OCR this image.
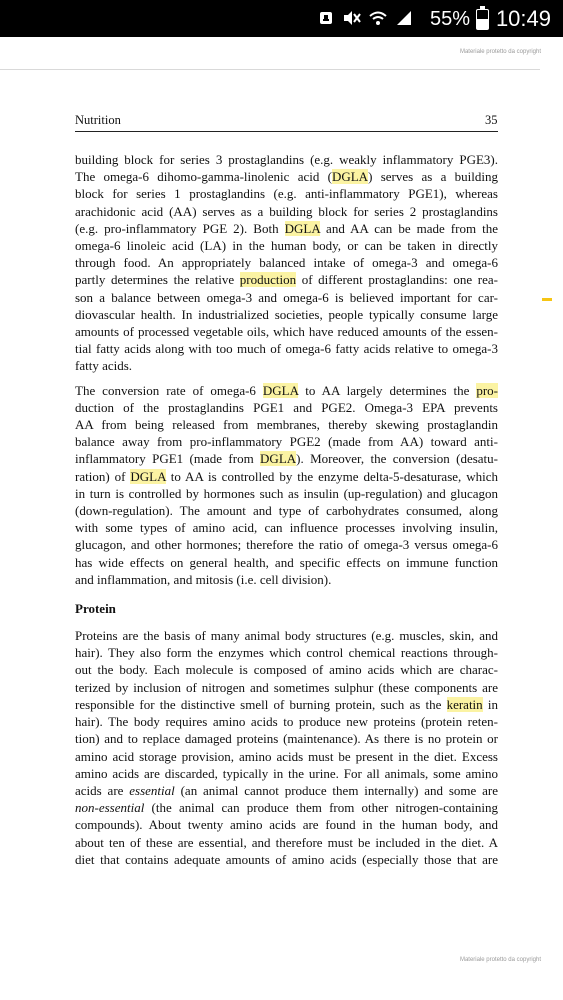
55% 10:49
Materiale protetto da copyright
Nutrition	35
building block for series 3 prostaglandins (e.g. weakly inflammatory PGE3).
The omega-6 dihomo-gamma-linolenic acid (DGLA) serves as a building
block for series 1 prostaglandins (e.g. anti-inflammatory PGE1), whereas
arachidonic acid (AA) serves as a building block for series 2 prostaglandins
(e.g. pro-inflammatory PGE 2). Both DGLA and AA can be made from the
omega-6 linoleic acid (LA) in the human body, or can be taken in directly
through food. An appropriately balanced intake of omega-3 and omega-6
partly determines the relative production of different prostaglandins: one rea-
son a balance between omega-3 and omega-6 is believed important for car-
diovascular health. In industrialized societies, people typically consume large
amounts of processed vegetable oils, which have reduced amounts of the essen-
tial fatty acids along with too much of omega-6 fatty acids relative to omega-3
fatty acids.
The conversion rate of omega-6 DGLA to AA largely determines the pro-
duction of the prostaglandins PGE1 and PGE2. Omega-3 EPA prevents
AA from being released from membranes, thereby skewing prostaglandin
balance away from pro-inflammatory PGE2 (made from AA) toward anti-
inflammatory PGE1 (made from DGLA). Moreover, the conversion (desatu-
ration) of DGLA to AA is controlled by the enzyme delta-5-desaturase, which
in turn is controlled by hormones such as insulin (up-regulation) and glucagon
(down-regulation). The amount and type of carbohydrates consumed, along
with some types of amino acid, can influence processes involving insulin,
glucagon, and other hormones; therefore the ratio of omega-3 versus omega-6
has wide effects on general health, and specific effects on immune function
and inflammation, and mitosis (i.e. cell division).
Protein
Proteins are the basis of many animal body structures (e.g. muscles, skin, and
hair). They also form the enzymes which control chemical reactions through-
out the body. Each molecule is composed of amino acids which are charac-
terized by inclusion of nitrogen and sometimes sulphur (these components are
responsible for the distinctive smell of burning protein, such as the keratin in
hair). The body requires amino acids to produce new proteins (protein reten-
tion) and to replace damaged proteins (maintenance). As there is no protein or
amino acid storage provision, amino acids must be present in the diet. Excess
amino acids are discarded, typically in the urine. For all animals, some amino
acids are essential (an animal cannot produce them internally) and some are
non-essential (the animal can produce them from other nitrogen-containing
compounds). About twenty amino acids are found in the human body, and
about ten of these are essential, and therefore must be included in the diet. A
diet that contains adequate amounts of amino acids (especially those that are
Materiale protetto da copyright
